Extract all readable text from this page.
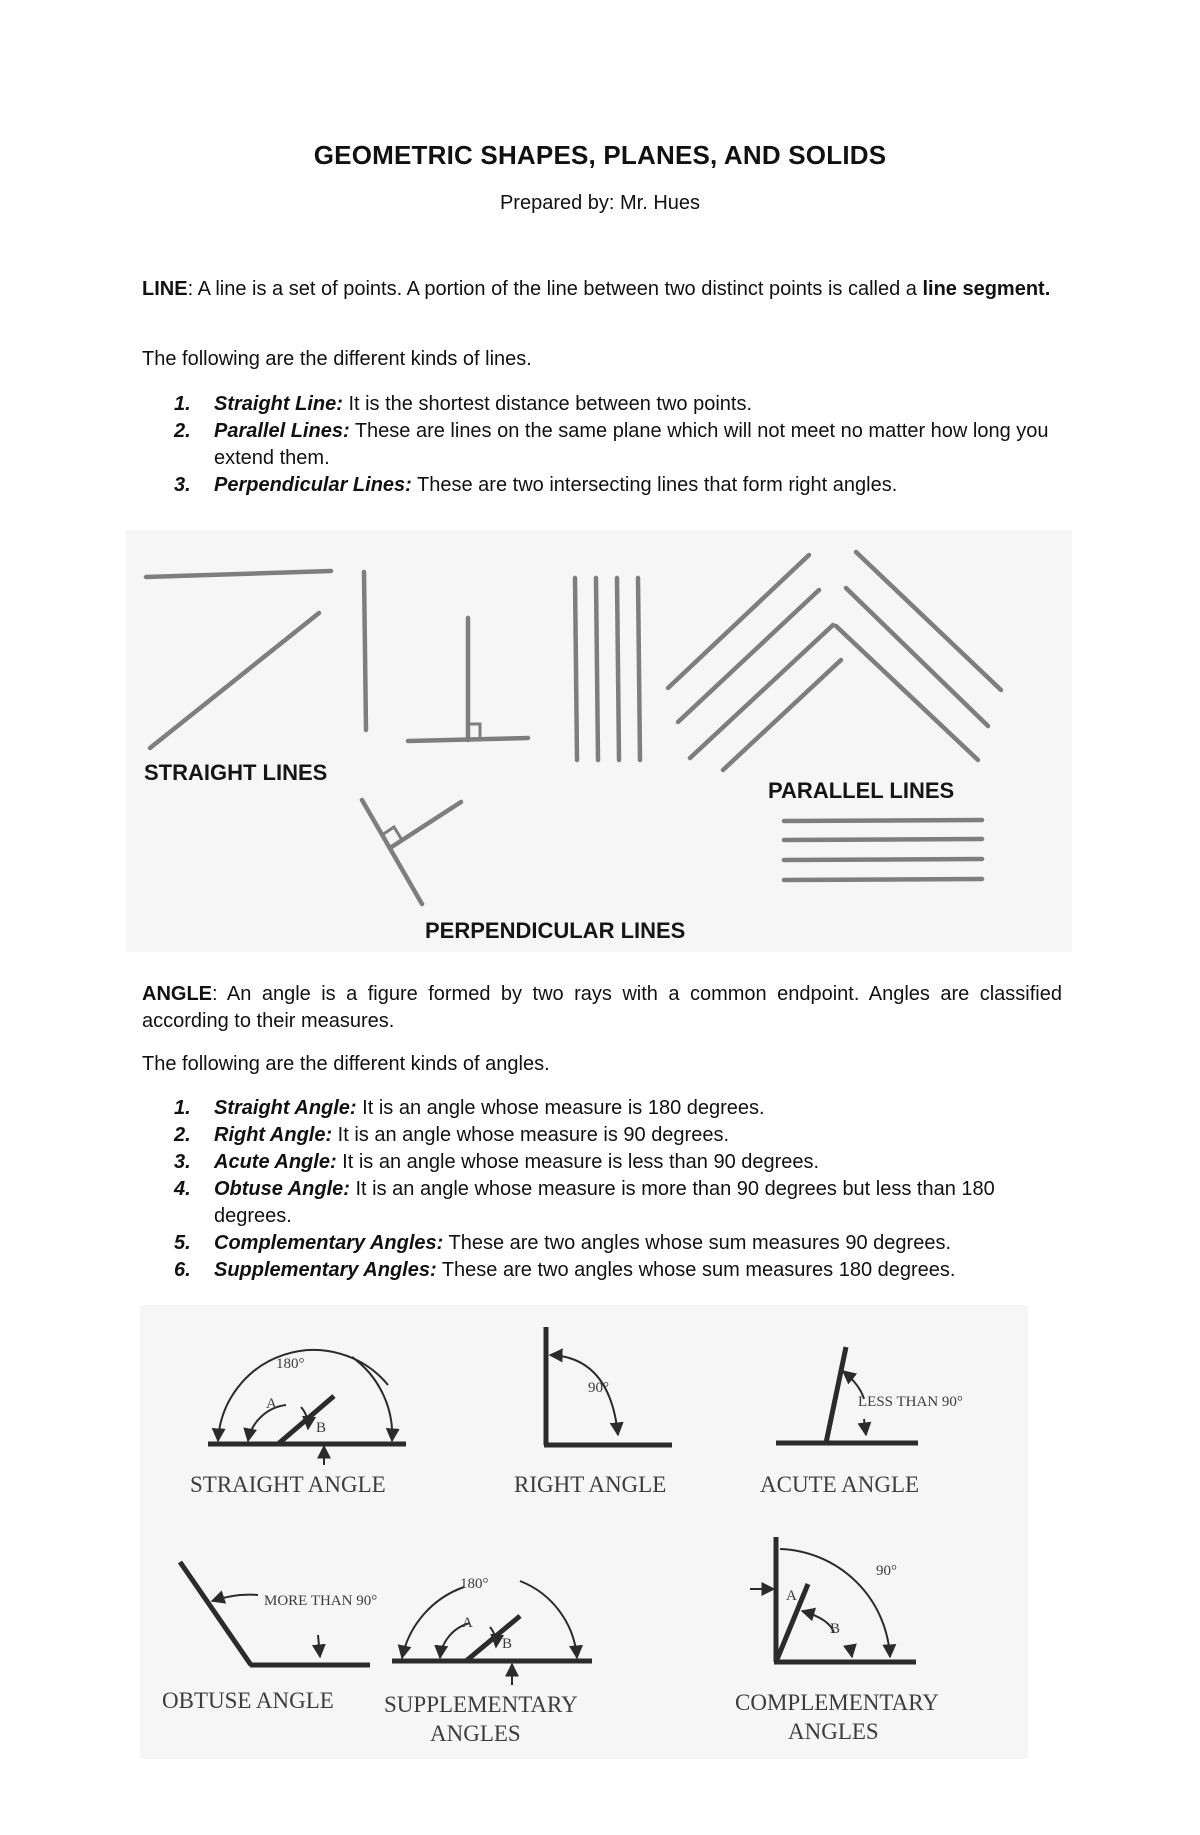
GEOMETRIC SHAPES, PLANES, AND SOLIDS
Prepared by: Mr. Hues
LINE: A line is a set of points. A portion of the line between two distinct points is called a line segment.
The following are the different kinds of lines.
1. Straight Line: It is the shortest distance between two points.
2. Parallel Lines: These are lines on the same plane which will not meet no matter how long you extend them.
3. Perpendicular Lines: These are two intersecting lines that form right angles.
STRAIGHT LINES
PARALLEL LINES
PERPENDICULAR LINES
ANGLE: An angle is a figure formed by two rays with a common endpoint. Angles are classified according to their measures.
The following are the different kinds of angles.
1. Straight Angle: It is an angle whose measure is 180 degrees.
2. Right Angle: It is an angle whose measure is 90 degrees.
3. Acute Angle: It is an angle whose measure is less than 90 degrees.
4. Obtuse Angle: It is an angle whose measure is more than 90 degrees but less than 180 degrees.
5. Complementary Angles: These are two angles whose sum measures 90 degrees.
6. Supplementary Angles: These are two angles whose sum measures 180 degrees.
180°
A
B
STRAIGHT ANGLE
90°
RIGHT ANGLE
LESS THAN 90°
ACUTE ANGLE
MORE THAN 90°
OBTUSE ANGLE
180°
A
B
SUPPLEMENTARY
ANGLES
90°
A
B
COMPLEMENTARY
ANGLES
